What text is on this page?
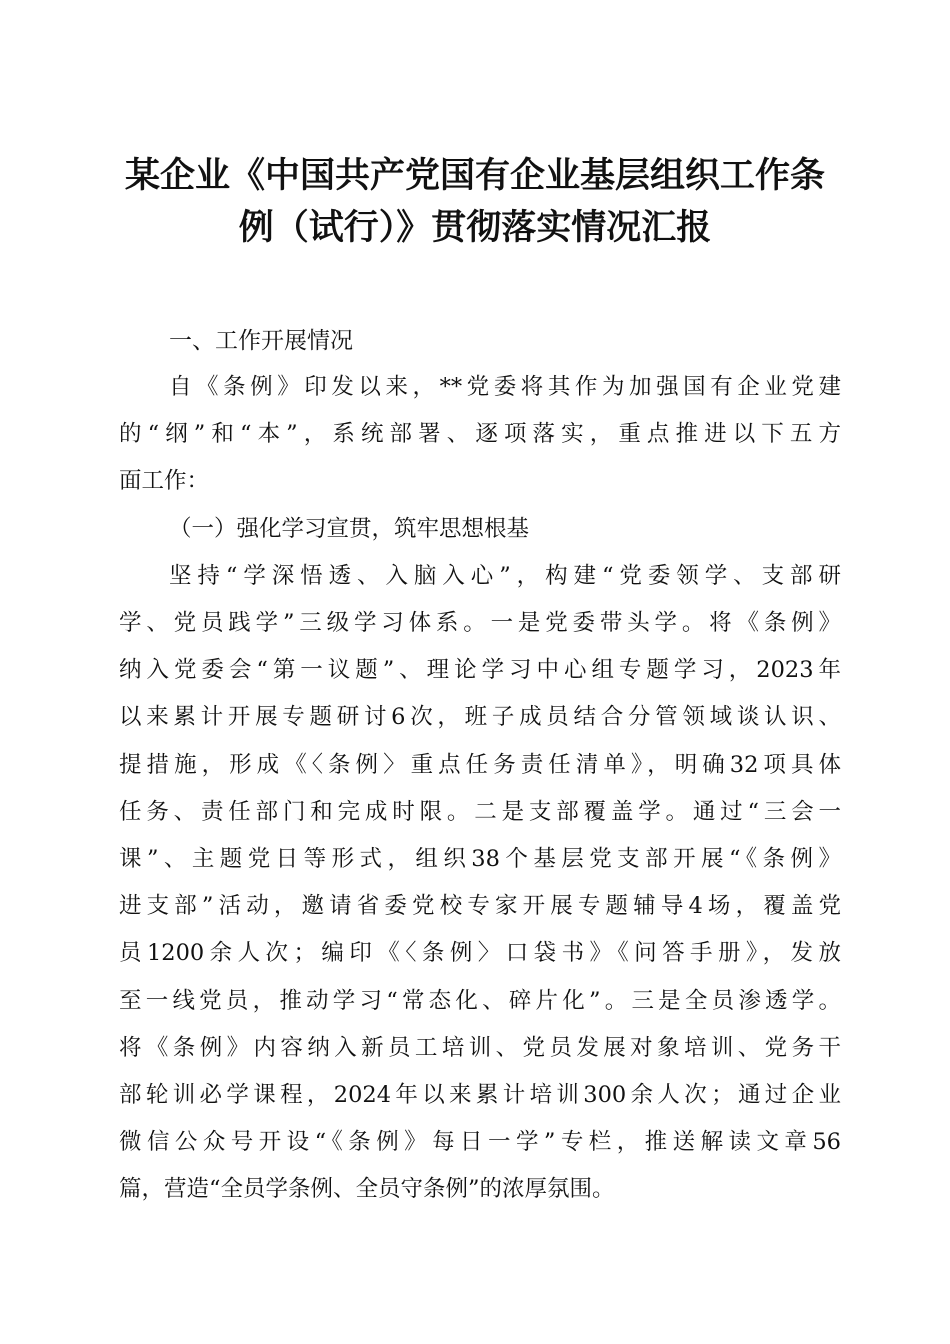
某企业《中国共产党国有企业基层组织工作条
例（试行）》贯彻落实情况汇报
一、工作开展情况
自《条例》印发以来，**党委将其作为加强国有企业党建
的“纲”和“本”，系统部署、逐项落实，重点推进以下五方
面工作：
（一）强化学习宣贯，筑牢思想根基
坚持“学深悟透、入脑入心”，构建“党委领学、支部研
学、党员践学”三级学习体系。一是党委带头学。将《条例》
纳入党委会“第一议题”、理论学习中心组专题学习，2023年
以来累计开展专题研讨6次，班子成员结合分管领域谈认识、
提措施，形成《〈条例〉重点任务责任清单》，明确32项具体
任务、责任部门和完成时限。二是支部覆盖学。通过“三会一
课”、主题党日等形式，组织38个基层党支部开展“《条例》
进支部”活动，邀请省委党校专家开展专题辅导4场，覆盖党
员1200余人次；编印《〈条例〉口袋书》《问答手册》，发放
至一线党员，推动学习“常态化、碎片化”。三是全员渗透学。
将《条例》内容纳入新员工培训、党员发展对象培训、党务干
部轮训必学课程，2024年以来累计培训300余人次；通过企业
微信公众号开设“《条例》每日一学”专栏，推送解读文章56
篇，营造“全员学条例、全员守条例”的浓厚氛围。
